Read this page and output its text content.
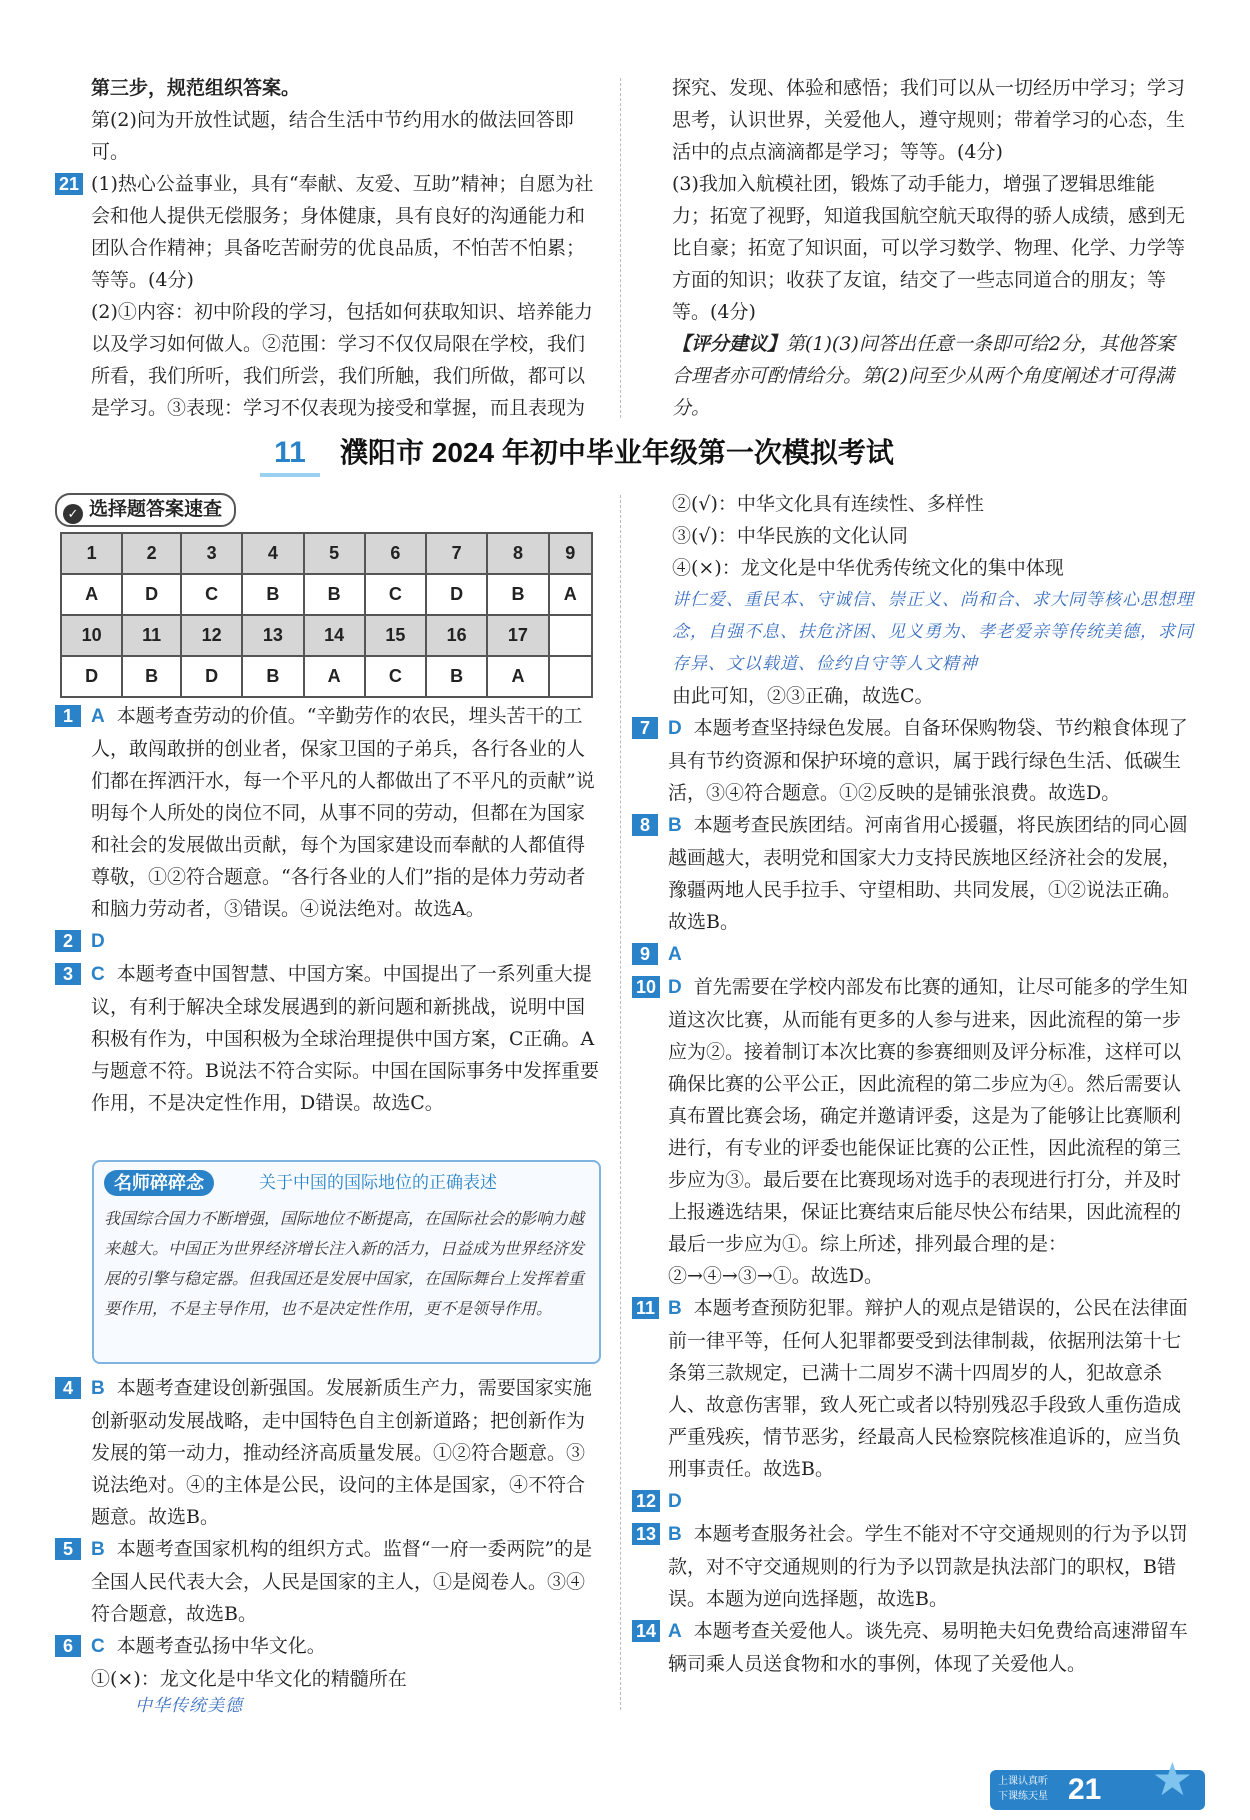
第三步，规范组织答案。

第(2)问为开放性试题，结合生活中节约用水的做法回答即可。

21 (1)热心公益事业，具有“奉献、友爱、互助”精神；自愿为社会和他人提供无偿服务；身体健康，具有良好的沟通能力和团队合作精神；具备吃苦耐劳的优良品质，不怕苦不怕累；等等。(4分)

(2)①内容：初中阶段的学习，包括如何获取知识、培养能力以及学习如何做人。②范围：学习不仅仅局限在学校，我们所看，我们所听，我们所尝，我们所触，我们所做，都可以是学习。③表现：学习不仅表现为接受和掌握，而且表现为

探究、发现、体验和感悟；我们可以从一切经历中学习；学习思考，认识世界，关爱他人，遵守规则；带着学习的心态，生活中的点点滴滴都是学习；等等。(4分)

(3)我加入航模社团，锻炼了动手能力，增强了逻辑思维能力；拓宽了视野，知道我国航空航天取得的骄人成绩，感到无比自豪；拓宽了知识面，可以学习数学、物理、化学、力学等方面的知识；收获了友谊，结交了一些志同道合的朋友；等等。(4分)

【评分建议】第(1)(3)问答出任意一条即可给2分，其他答案合理者亦可酌情给分。第(2)问至少从两个角度阐述才可得满分。

11	濮阳市 2024 年初中毕业年级第一次模拟考试
✓ 选择题答案速查
1	2	3	4	5	6	7	8	9
A	D	C	B	B	C	D	B	A
10	11	12	13	14	15	16	17	
D	B	D	B	A	C	B	A	

1 A 本题考查劳动的价值。“辛勤劳作的农民，埋头苦干的工人，敢闯敢拼的创业者，保家卫国的子弟兵，各行各业的人们都在挥洒汗水，每一个平凡的人都做出了不平凡的贡献”说明每个人所处的岗位不同，从事不同的劳动，但都在为国家和社会的发展做出贡献，每个为国家建设而奉献的人都值得尊敬，①②符合题意。“各行各业的人们”指的是体力劳动者和脑力劳动者，③错误。④说法绝对。故选A。

2 D

3 C 本题考查中国智慧、中国方案。中国提出了一系列重大提议，有利于解决全球发展遇到的新问题和新挑战，说明中国积极有作为，中国积极为全球治理提供中国方案，C正确。A与题意不符。B说法不符合实际。中国在国际事务中发挥重要作用，不是决定性作用，D错误。故选C。

名师碎碎念	关于中国的国际地位的正确表述
我国综合国力不断增强，国际地位不断提高，在国际社会的影响力越来越大。中国正为世界经济增长注入新的活力，日益成为世界经济发展的引擎与稳定器。但我国还是发展中国家，在国际舞台上发挥着重要作用，不是主导作用，也不是决定性作用，更不是领导作用。

4 B 本题考查建设创新强国。发展新质生产力，需要国家实施创新驱动发展战略，走中国特色自主创新道路；把创新作为发展的第一动力，推动经济高质量发展。①②符合题意。③说法绝对。④的主体是公民，设问的主体是国家，④不符合题意。故选B。

5 B 本题考查国家机构的组织方式。监督“一府一委两院”的是全国人民代表大会，人民是国家的主人，①是阅卷人。③④符合题意，故选B。

6 C 本题考查弘扬中华文化。

①(×)：龙文化是中华文化的精髓所在

中华传统美德

②(√)：中华文化具有连续性、多样性

③(√)：中华民族的文化认同

④(×)：龙文化是中华优秀传统文化的集中体现

讲仁爱、重民本、守诚信、崇正义、尚和合、求大同等核心思想理念，自强不息、扶危济困、见义勇为、孝老爱亲等传统美德，求同存异、文以载道、俭约自守等人文精神

由此可知，②③正确，故选C。

7 D 本题考查坚持绿色发展。自备环保购物袋、节约粮食体现了具有节约资源和保护环境的意识，属于践行绿色生活、低碳生活，③④符合题意。①②反映的是铺张浪费。故选D。

8 B 本题考查民族团结。河南省用心援疆，将民族团结的同心圆越画越大，表明党和国家大力支持民族地区经济社会的发展，豫疆两地人民手拉手、守望相助、共同发展，①②说法正确。故选B。

9 A

10 D 首先需要在学校内部发布比赛的通知，让尽可能多的学生知道这次比赛，从而能有更多的人参与进来，因此流程的第一步应为②。接着制订本次比赛的参赛细则及评分标准，这样可以确保比赛的公平公正，因此流程的第二步应为④。然后需要认真布置比赛会场，确定并邀请评委，这是为了能够让比赛顺利进行，有专业的评委也能保证比赛的公正性，因此流程的第三步应为③。最后要在比赛现场对选手的表现进行打分，并及时上报遴选结果，保证比赛结束后能尽快公布结果，因此流程的最后一步应为①。综上所述，排列最合理的是：②→④→③→①。故选D。

11 B 本题考查预防犯罪。辩护人的观点是错误的，公民在法律面前一律平等，任何人犯罪都要受到法律制裁，依据刑法第十七条第三款规定，已满十二周岁不满十四周岁的人，犯故意杀人、故意伤害罪，致人死亡或者以特别残忍手段致人重伤造成严重残疾，情节恶劣，经最高人民检察院核准追诉的，应当负刑事责任。故选B。

12 D

13 B 本题考查服务社会。学生不能对不守交通规则的行为予以罚款，对不守交通规则的行为予以罚款是执法部门的职权，B错误。本题为逆向选择题，故选B。

14 A 本题考查关爱他人。谈先亮、易明艳夫妇免费给高速滞留车辆司乘人员送食物和水的事例，体现了关爱他人。

上课认真听
下课练天星 21 ★
